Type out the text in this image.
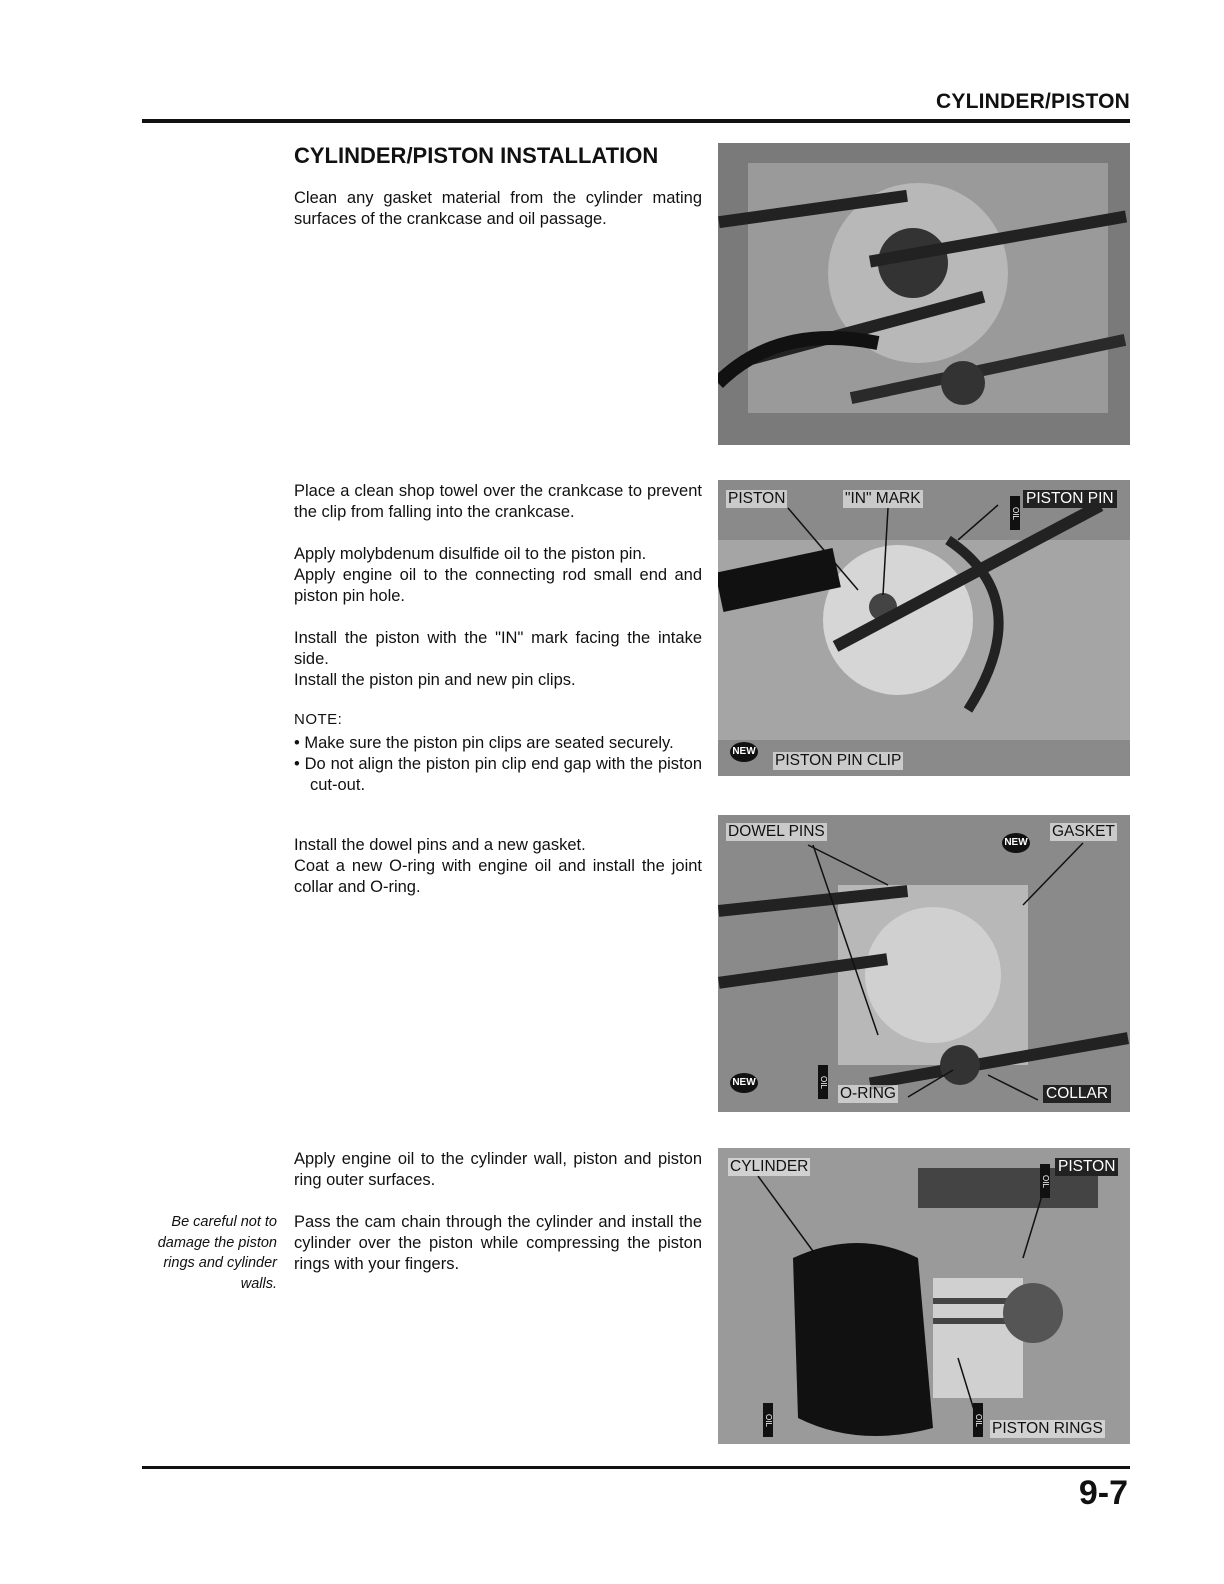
CYLINDER/PISTON
CYLINDER/PISTON INSTALLATION
Clean any gasket material from the cylinder mating surfaces of the crankcase and oil passage.

Place a clean shop towel over the crankcase to prevent the clip from falling into the crankcase.

Apply molybdenum disulfide oil to the piston pin.

Apply engine oil to the connecting rod small end and piston pin hole.

Install the piston with the "IN" mark facing the intake side.

Install the piston pin and new pin clips.

NOTE:

• Make sure the piston pin clips are seated securely.

• Do not align the piston pin clip end gap with the piston cut-out.

Install the dowel pins and a new gasket.

Coat a new O-ring with engine oil and install the joint collar and O-ring.

Apply engine oil to the cylinder wall, piston and piston ring outer surfaces.
Pass the cam chain through the cylinder and install the cylinder over the piston while compressing the piston rings with your fingers.
Be careful not to damage the piston rings and cylinder walls.
PISTON	"IN" MARK
OIL
PISTON PIN
NEW
PISTON PIN CLIP
DOWEL PINS
NEW
GASKET
NEW	OIL
O-RING	COLLAR
CYLINDER
OIL
PISTON
OIL	OIL PISTON RINGS
9-7
